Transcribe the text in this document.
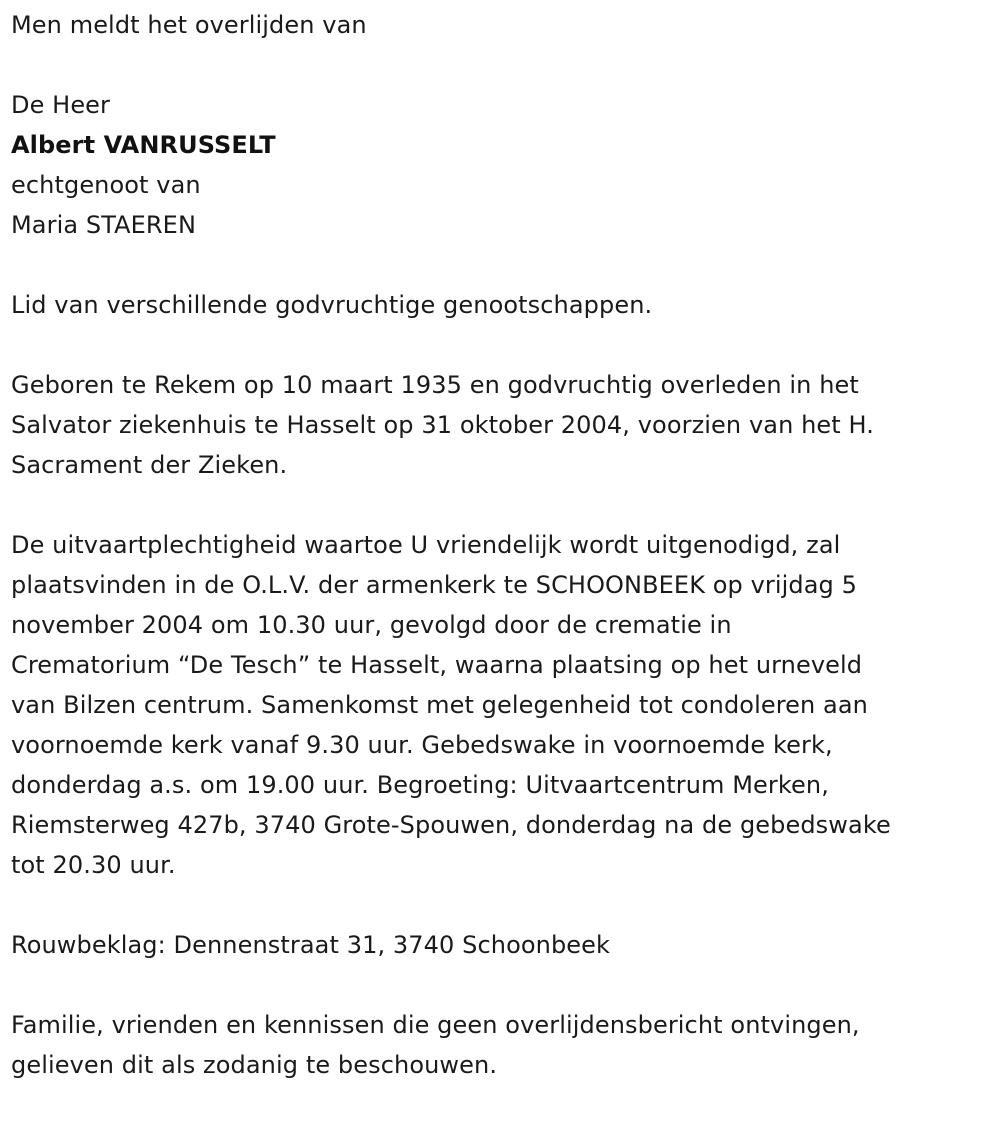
Men meldt het overlijden van
De Heer
Albert VANRUSSELT
echtgenoot van
Maria STAEREN
Lid van verschillende godvruchtige genootschappen.
Geboren te Rekem op 10 maart 1935 en godvruchtig overleden in het
Salvator ziekenhuis te Hasselt op 31 oktober 2004, voorzien van het H.
Sacrament der Zieken.
De uitvaartplechtigheid waartoe U vriendelijk wordt uitgenodigd, zal
plaatsvinden in de O.L.V. der armenkerk te SCHOONBEEK op vrijdag 5
november 2004 om 10.30 uur, gevolgd door de crematie in
Crematorium “De Tesch” te Hasselt, waarna plaatsing op het urneveld
van Bilzen centrum. Samenkomst met gelegenheid tot condoleren aan
voornoemde kerk vanaf 9.30 uur. Gebedswake in voornoemde kerk,
donderdag a.s. om 19.00 uur. Begroeting: Uitvaartcentrum Merken,
Riemsterweg 427b, 3740 Grote-Spouwen, donderdag na de gebedswake
tot 20.30 uur.
Rouwbeklag: Dennenstraat 31, 3740 Schoonbeek
Familie, vrienden en kennissen die geen overlijdensbericht ontvingen,
gelieven dit als zodanig te beschouwen.
